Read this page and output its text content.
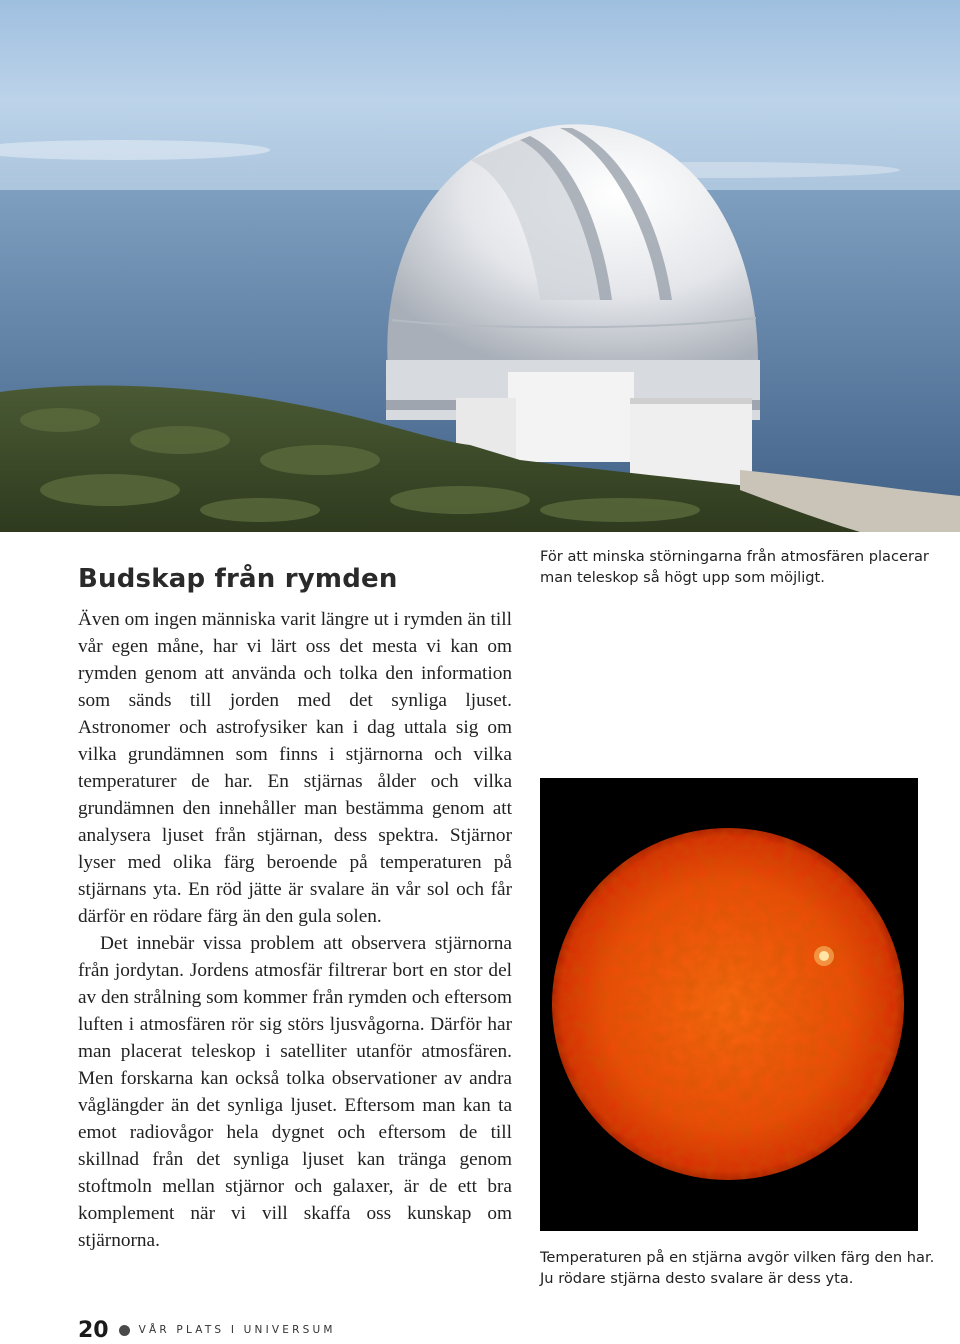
Budskap från rymden

Även om ingen människa varit längre ut i rymden än till vår egen måne, har vi lärt oss det mesta vi kan om rymden genom att använda och tolka den information som sänds till jorden med det synliga ljuset. Astronomer och astrofysiker kan i dag uttala sig om vilka grundämnen som finns i stjärnorna och vilka temperaturer de har. En stjärnas ålder och vilka grundämnen den innehåller man bestämma genom att analysera ljuset från stjärnan, dess spektra. Stjärnor lyser med olika färg beroende på temperaturen på stjärnans yta. En röd jätte är svalare än vår sol och får därför en rödare färg än den gula solen.

Det innebär vissa problem att observera stjärnorna från jordytan. Jordens atmosfär filtrerar bort en stor del av den strålning som kommer från rymden och eftersom luften i atmosfären rör sig störs ljusvågorna. Därför har man placerat teleskop i satelliter utanför atmosfären. Men forskarna kan också tolka observationer av andra våglängder än det synliga ljuset. Eftersom man kan ta emot radiovågor hela dygnet och eftersom de till skillnad från det synliga ljuset kan tränga genom stoftmoln mellan stjärnor och galaxer, är de ett bra komplement när vi vill skaffa oss kunskap om stjärnorna.

För att minska störningarna från atmosfären placerar man teleskop så högt upp som möjligt.

Temperaturen på en stjärna avgör vilken färg den har. Ju rödare stjärna desto svalare är dess yta.

20	VÅR PLATS I UNIVERSUM
